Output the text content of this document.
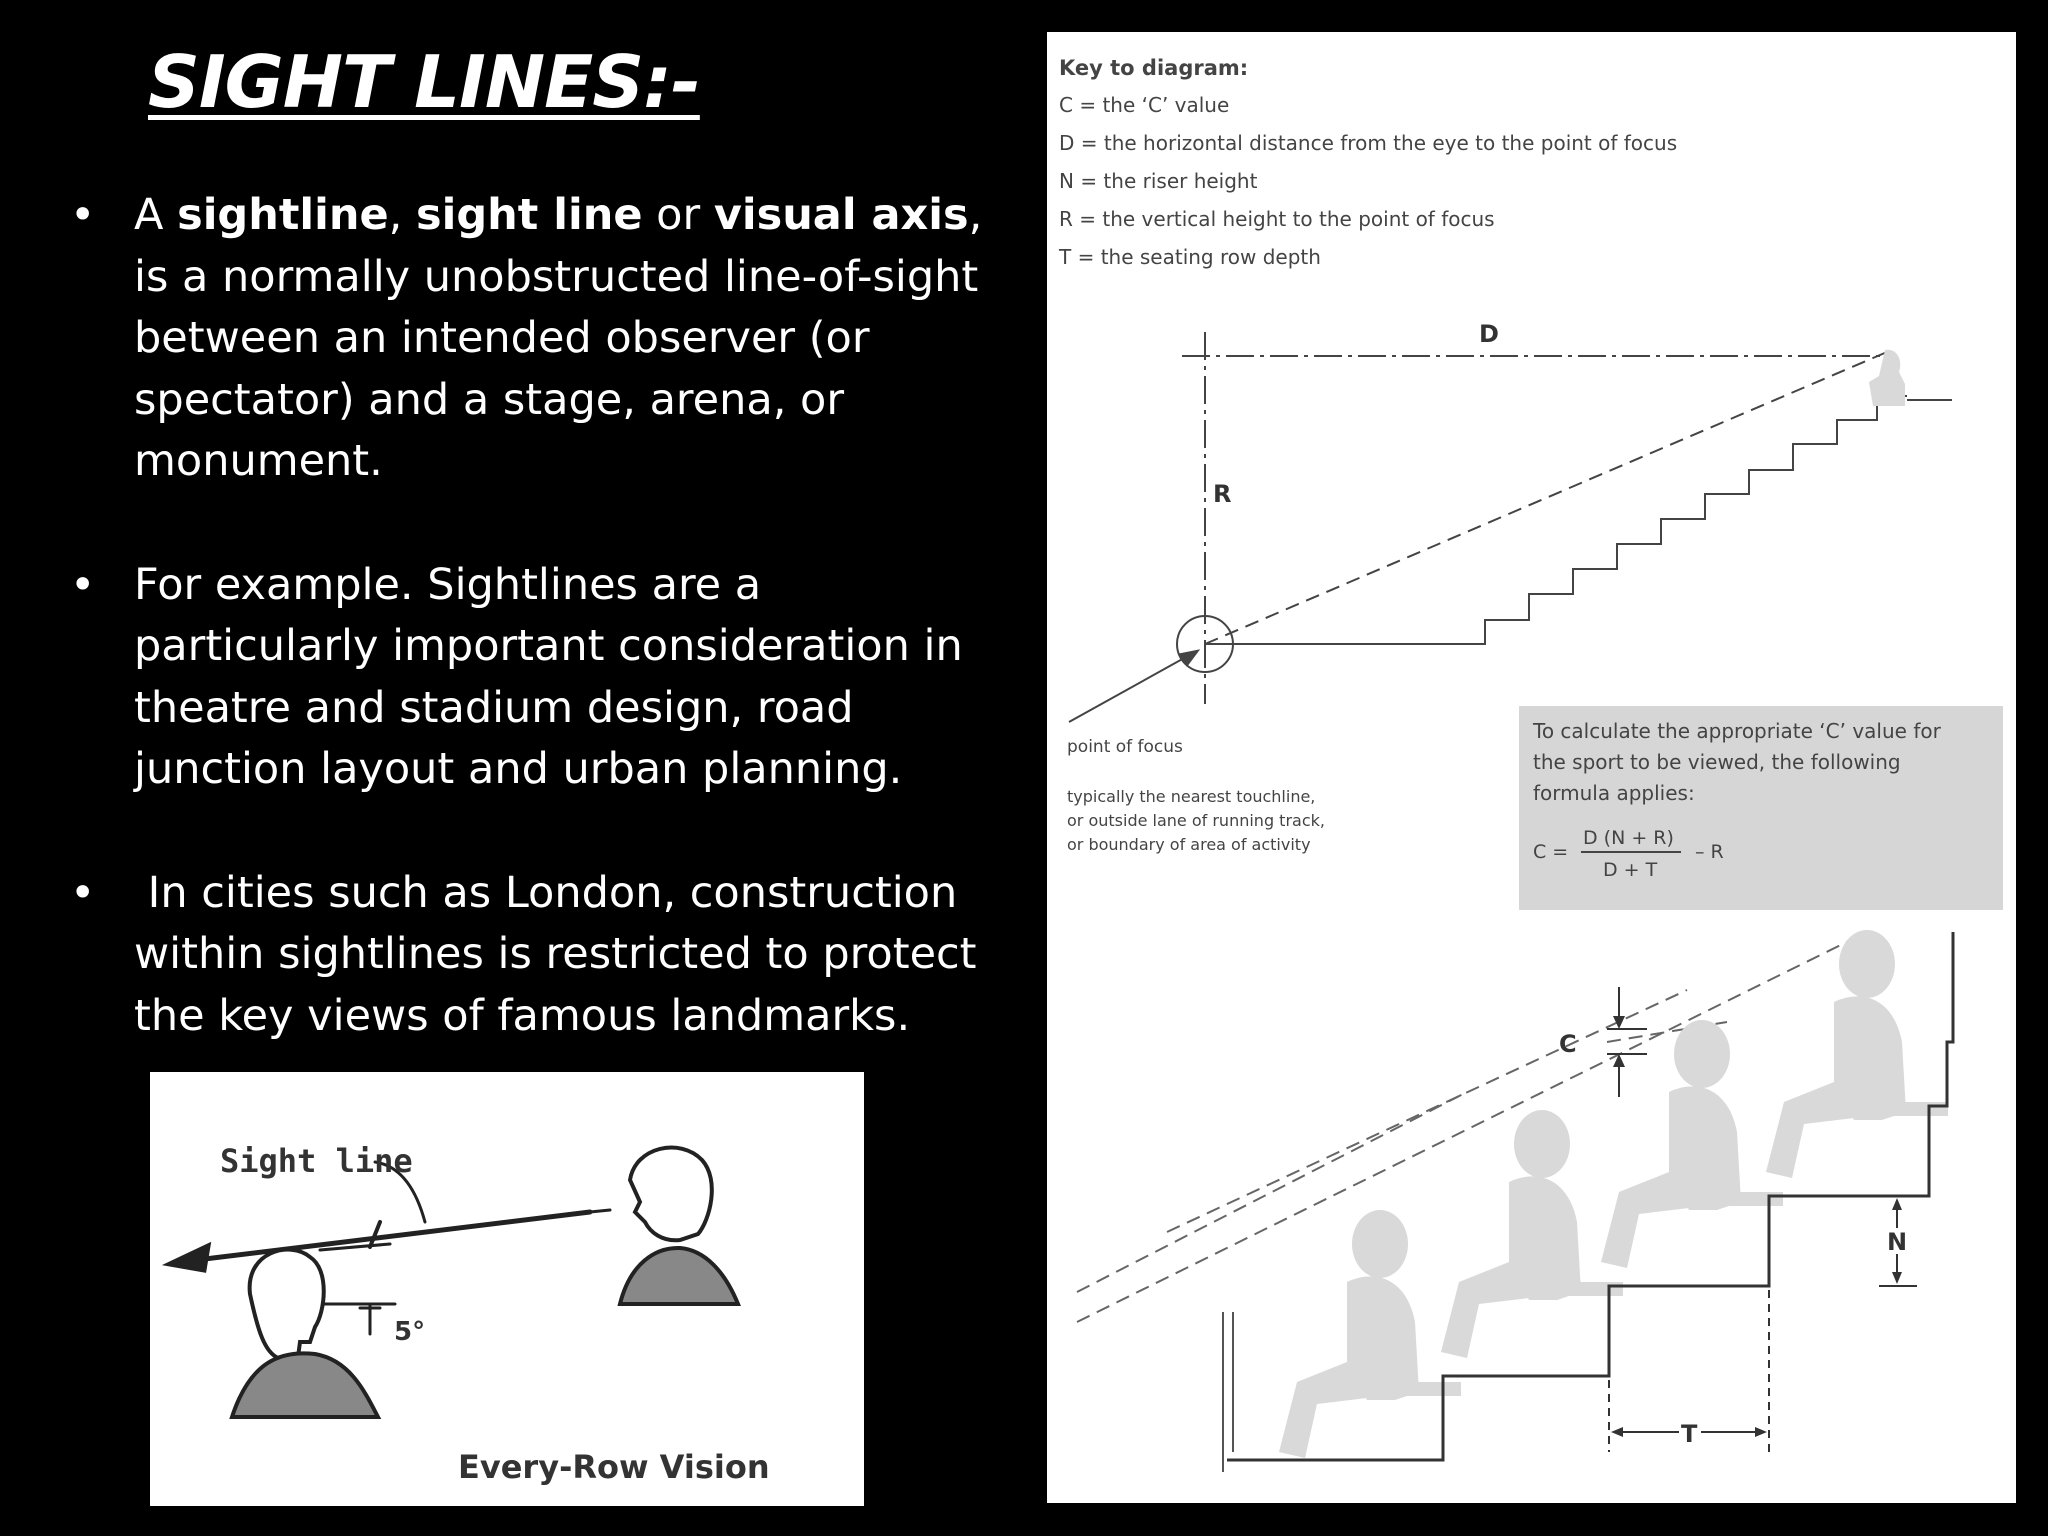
SIGHT LINES:-
• A sightline, sight line or visual axis, is a normally unobstructed line-of-sight between an intended observer (or spectator) and a stage, arena, or monument.
• For example. Sightlines are a particularly important consideration in theatre and stadium design, road junction layout and urban planning.
• In cities such as London, construction within sightlines is restricted to protect the key views of famous landmarks.
Sight line
5°
Every-Row Vision
Key to diagram:
C = the ‘C’ value
D = the horizontal distance from the eye to the point of focus
N = the riser height
R = the vertical height to the point of focus
T = the seating row depth
D
R
point of focus
typically the nearest touchline,
or outside lane of running track,
or boundary of area of activity
To calculate the appropriate ‘C’ value for
the sport to be viewed, the following
formula applies:
C =
D (N + R)
D + T
– R
C
N
T
